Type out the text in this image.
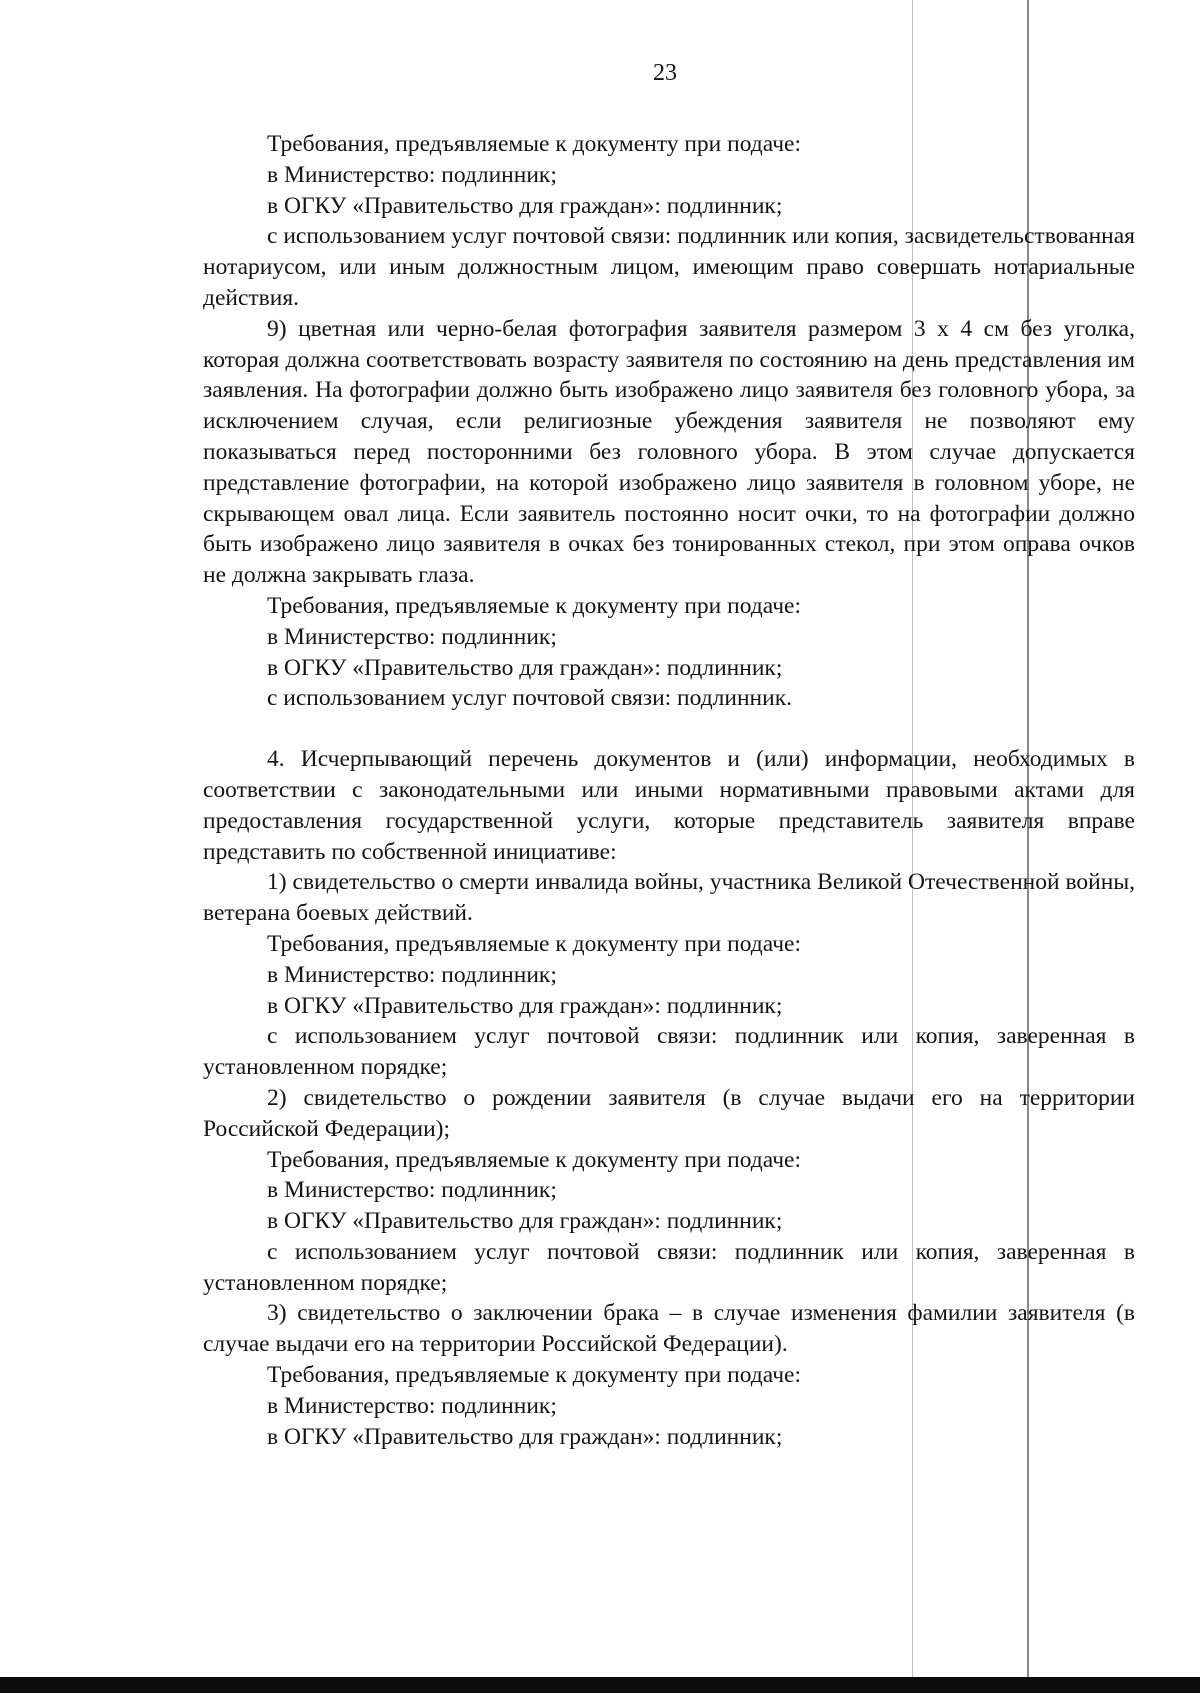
23

Требования, предъявляемые к документу при подаче:

в Министерство: подлинник;

в ОГКУ «Правительство для граждан»: подлинник;

с использованием услуг почтовой связи: подлинник или копия, засвидетельствованная нотариусом, или иным должностным лицом, имеющим право совершать нотариальные действия.

9) цветная или черно-белая фотография заявителя размером 3 x 4 см без уголка, которая должна соответствовать возрасту заявителя по состоянию на день представления им заявления. На фотографии должно быть изображено лицо заявителя без головного убора, за исключением случая, если религиозные убеждения заявителя не позволяют ему показываться перед посторонними без головного убора. В этом случае допускается представление фотографии, на которой изображено лицо заявителя в головном уборе, не скрывающем овал лица. Если заявитель постоянно носит очки, то на фотографии должно быть изображено лицо заявителя в очках без тонированных стекол, при этом оправа очков не должна закрывать глаза.

Требования, предъявляемые к документу при подаче:

в Министерство: подлинник;

в ОГКУ «Правительство для граждан»: подлинник;

с использованием услуг почтовой связи: подлинник.

4. Исчерпывающий перечень документов и (или) информации, необходимых в соответствии с законодательными или иными нормативными правовыми актами для предоставления государственной услуги, которые представитель заявителя вправе представить по собственной инициативе:

1) свидетельство о смерти инвалида войны, участника Великой Отечественной войны, ветерана боевых действий.

Требования, предъявляемые к документу при подаче:

в Министерство: подлинник;

в ОГКУ «Правительство для граждан»: подлинник;

с использованием услуг почтовой связи: подлинник или копия, заверенная в установленном порядке;

2) свидетельство о рождении заявителя (в случае выдачи его на территории Российской Федерации);

Требования, предъявляемые к документу при подаче:

в Министерство: подлинник;

в ОГКУ «Правительство для граждан»: подлинник;

с использованием услуг почтовой связи: подлинник или копия, заверенная в установленном порядке;

3) свидетельство о заключении брака – в случае изменения фамилии заявителя (в случае выдачи его на территории Российской Федерации).

Требования, предъявляемые к документу при подаче:

в Министерство: подлинник;

в ОГКУ «Правительство для граждан»: подлинник;
